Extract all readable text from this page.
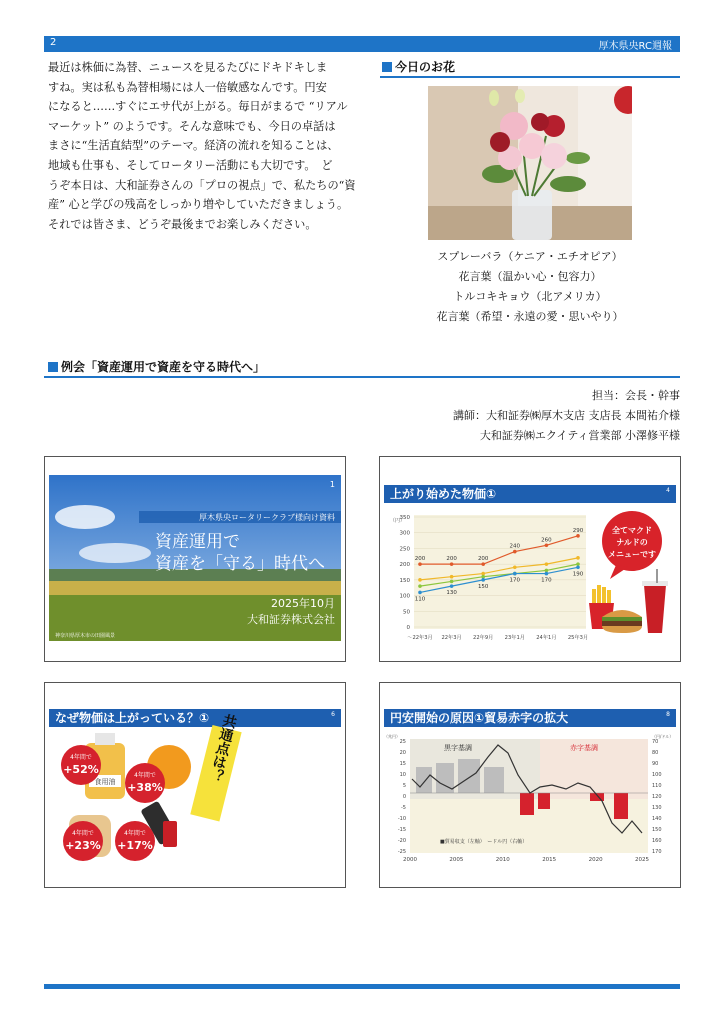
2	厚木県央RC週報
最近は株価に為替、ニュースを見るたびにドキドキしま
すね。実は私も為替相場には人一倍敏感なんです。円安
になると……すぐにエサ代が上がる。毎日がまるで “リアル
マーケット” のようです。そんな意味でも、今日の卓話は
まさに“生活直結型”のテーマ。経済の流れを知ることは、
地域も仕事も、そしてロータリー活動にも大切です。　ど
うぞ本日は、大和証券さんの「プロの視点」で、私たちの“資
産” 心と学びの残高をしっかり増やしていただきましょう。
それでは皆さま、どうぞ最後までお楽しみください。
今日のお花
スプレーバラ（ケニア・エチオピア）
花言葉（温かい心・包容力）
トルコキキョウ（北アメリカ）
花言葉（希望・永遠の愛・思いやり）
例会「資産運用で資産を守る時代へ」
担当：会長・幹事
講師：大和証券㈱厚木支店 支店長 本間祐介様
大和証券㈱エクイティ営業部 小澤修平様
1
厚木県央ロータリークラブ様向け資料
資産運用で
資産を「守る」時代へ
2025年10月
大和証券株式会社
神奈川県厚木市の田園風景
上がり始めた物価①	4
（円）
350
300
250
200
150
100
50
0
～22年3月 22年3月 22年9月 23年1月 24年1月 25年3月
200	200	200
240
260
290
110
130
150
170	170
190
全てマクド
ナルドの
メニューです
なぜ物価は上がっている？①	6
食用油
4年間で
+52%	4年間で
+38%
4年間で
+23%
4年間で
+17%
共通点は？	円安開始の原因①貿易赤字の拡大	8
黒字基調	赤字基調
（兆円）	（円/ドル）
25
20
15
10
5
0
-5
-10
-15
-20
-25
70
80
90
100
110
120
130
140
150
160
170
2000	2005	2010	2015	2020	2025
■貿易収支（左軸）　ードル円（右軸）
